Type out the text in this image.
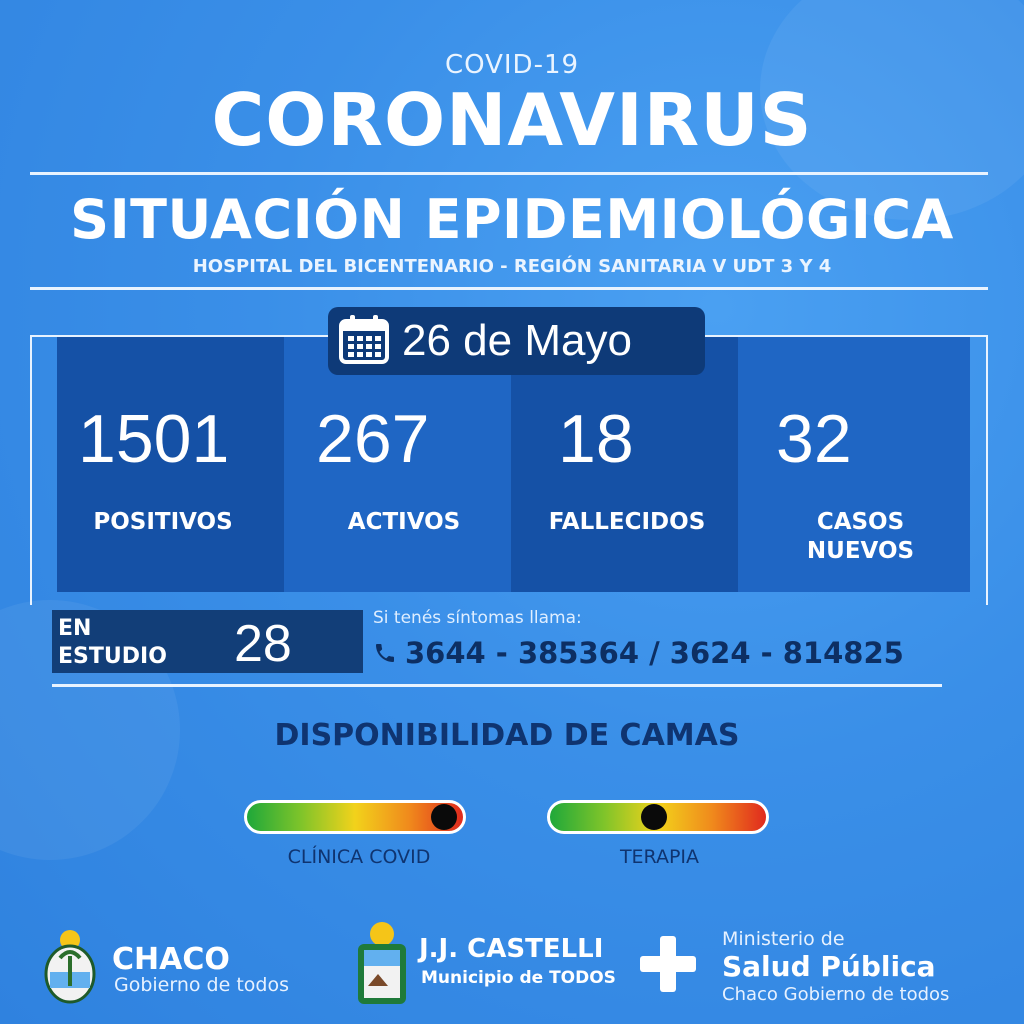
COVID-19
CORONAVIRUS
SITUACIÓN EPIDEMIOLÓGICA
HOSPITAL DEL BICENTENARIO - REGIÓN SANITARIA V UDT 3 Y 4
1501 267 18 32
POSITIVOS	ACTIVOS	FALLECIDOS	CASOS
NUEVOS
26 de Mayo
EN
ESTUDIO 28	Si tenés síntomas llama:
3644 - 385364 / 3624 - 814825
DISPONIBILIDAD DE CAMAS
CLÍNICA COVID	TERAPIA
CHACO
Gobierno de todos
J.J. CASTELLI
Municipio de TODOS
Ministerio de
Salud Pública
Chaco Gobierno de todos
